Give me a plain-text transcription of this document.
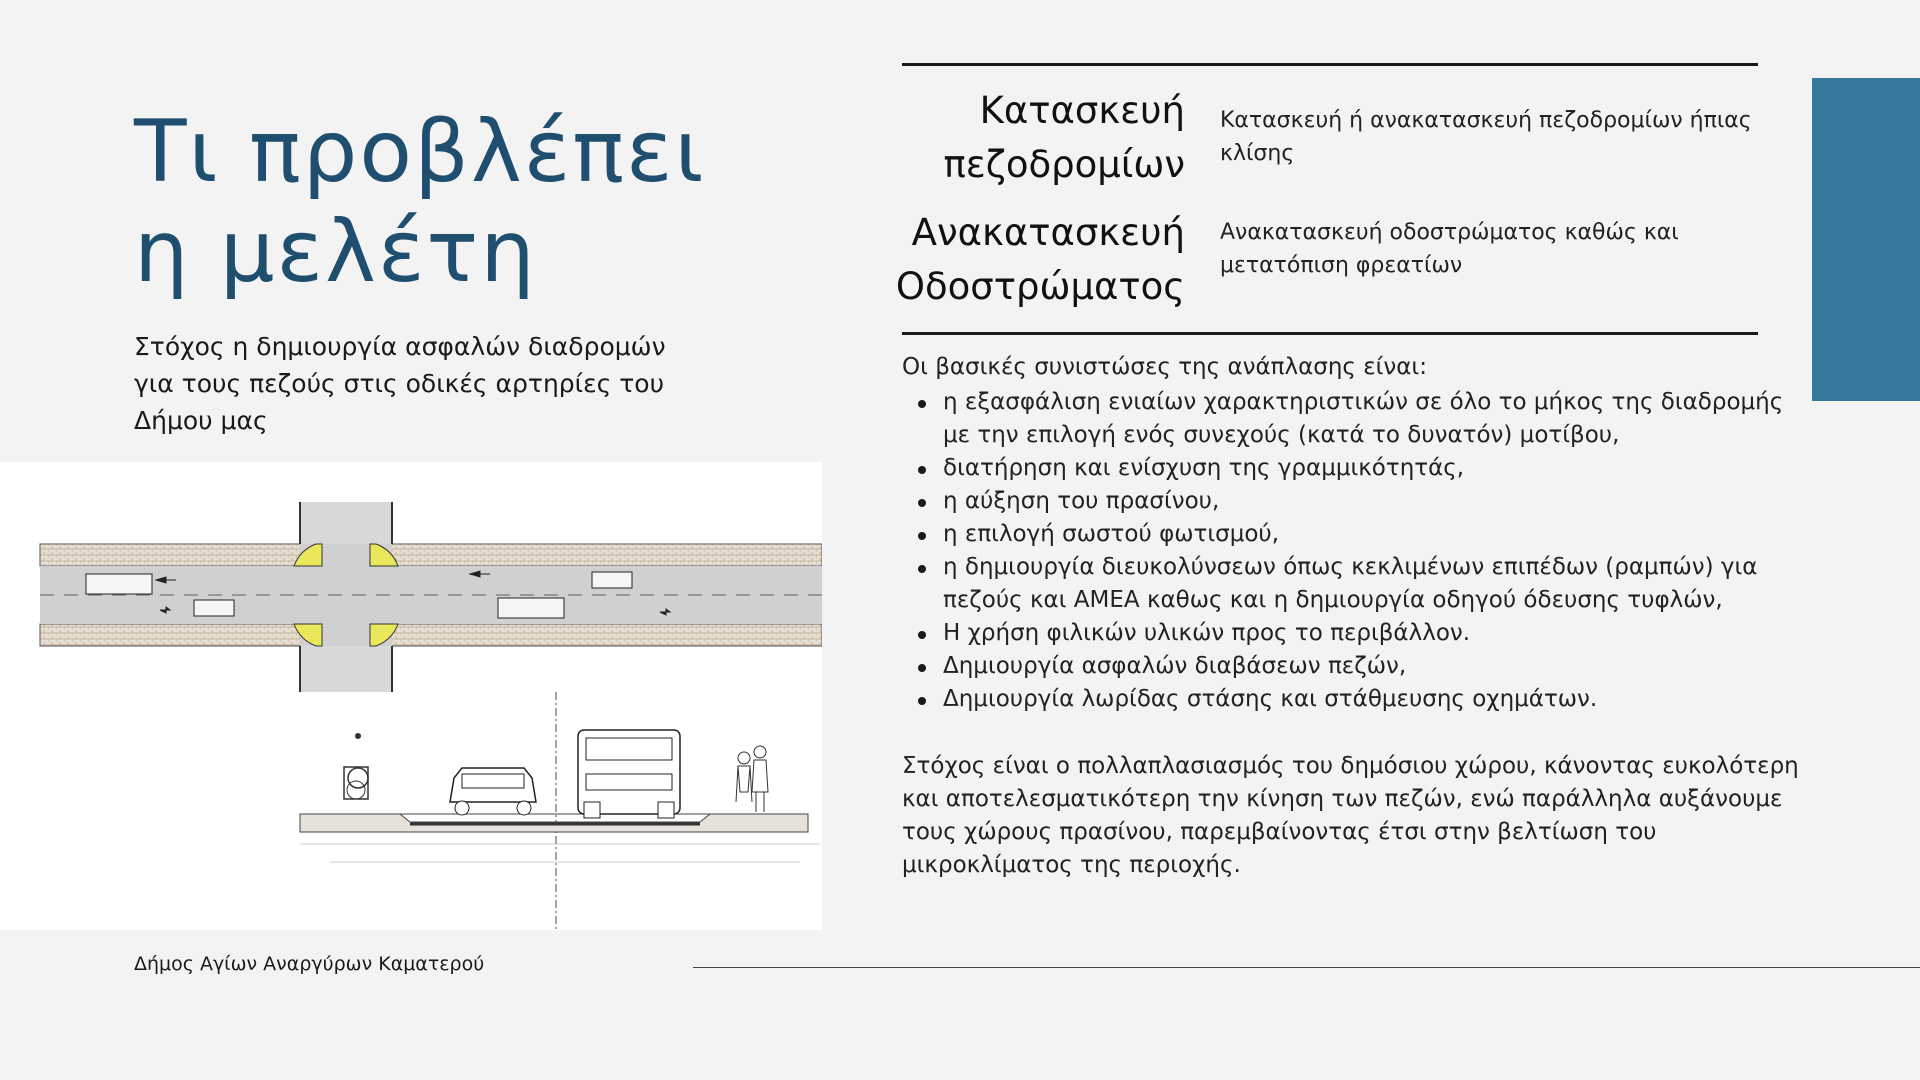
Τι προβλέπει
η μελέτη
Στόχος η δημιουργία ασφαλών διαδρομών για τους πεζούς στις οδικές αρτηρίες του Δήμου μας
Δήμος Αγίων Αναργύρων Καματερού
Κατασκευή
πεζοδρομίων
Κατασκευή ή ανακατασκευή πεζοδρομίων ήπιας κλίσης
Ανακατασκευή
Οδοστρώματος
Ανακατασκευή οδοστρώματος καθώς και μετατόπιση φρεατίων
Οι βασικές συνιστώσες της ανάπλασης είναι:
η εξασφάλιση ενιαίων χαρακτηριστικών σε όλο το μήκος της διαδρομής με την επιλογή ενός συνεχούς (κατά το δυνατόν) μοτίβου,
διατήρηση και ενίσχυση της γραμμικότητάς,
η αύξηση του πρασίνου,
η επιλογή σωστού φωτισμού,
η δημιουργία διευκολύνσεων όπως κεκλιμένων επιπέδων (ραμπών) για πεζούς και ΑΜΕΑ καθως και η δημιουργία οδηγού όδευσης τυφλών,
Η χρήση φιλικών υλικών προς το περιβάλλον.
Δημιουργία ασφαλών διαβάσεων πεζών,
Δημιουργία λωρίδας στάσης και στάθμευσης οχημάτων.
Στόχος είναι ο πολλαπλασιασμός του δημόσιου χώρου, κάνοντας ευκολότερη και αποτελεσματικότερη την κίνηση των πεζών, ενώ παράλληλα αυξάνουμε τους χώρους πρασίνου, παρεμβαίνοντας έτσι στην βελτίωση του μικροκλίματος της περιοχής.
